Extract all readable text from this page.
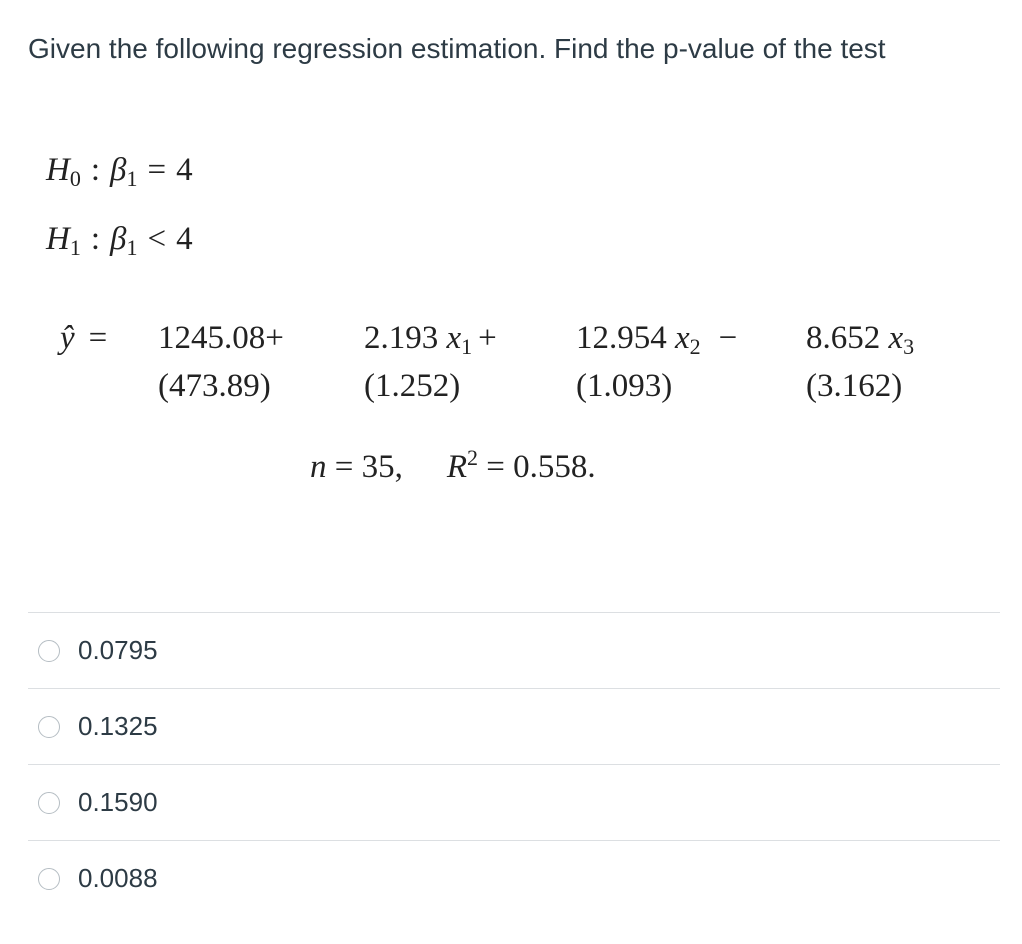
Given the following regression estimation. Find the p-value of the test

$H_0$ : $\beta_1 = 4$
$H_1$ : $\beta_1 < 4$
ŷ = 1245.08+
(473.89)
2.193 $x_1$ +
(1.252)
12.954 $x_2$ −
(1.093)
8.652 $x_3$
(3.162)
n = 35, $R^2 = 0.558$.
0.0795
0.1325
0.1590
0.0088
